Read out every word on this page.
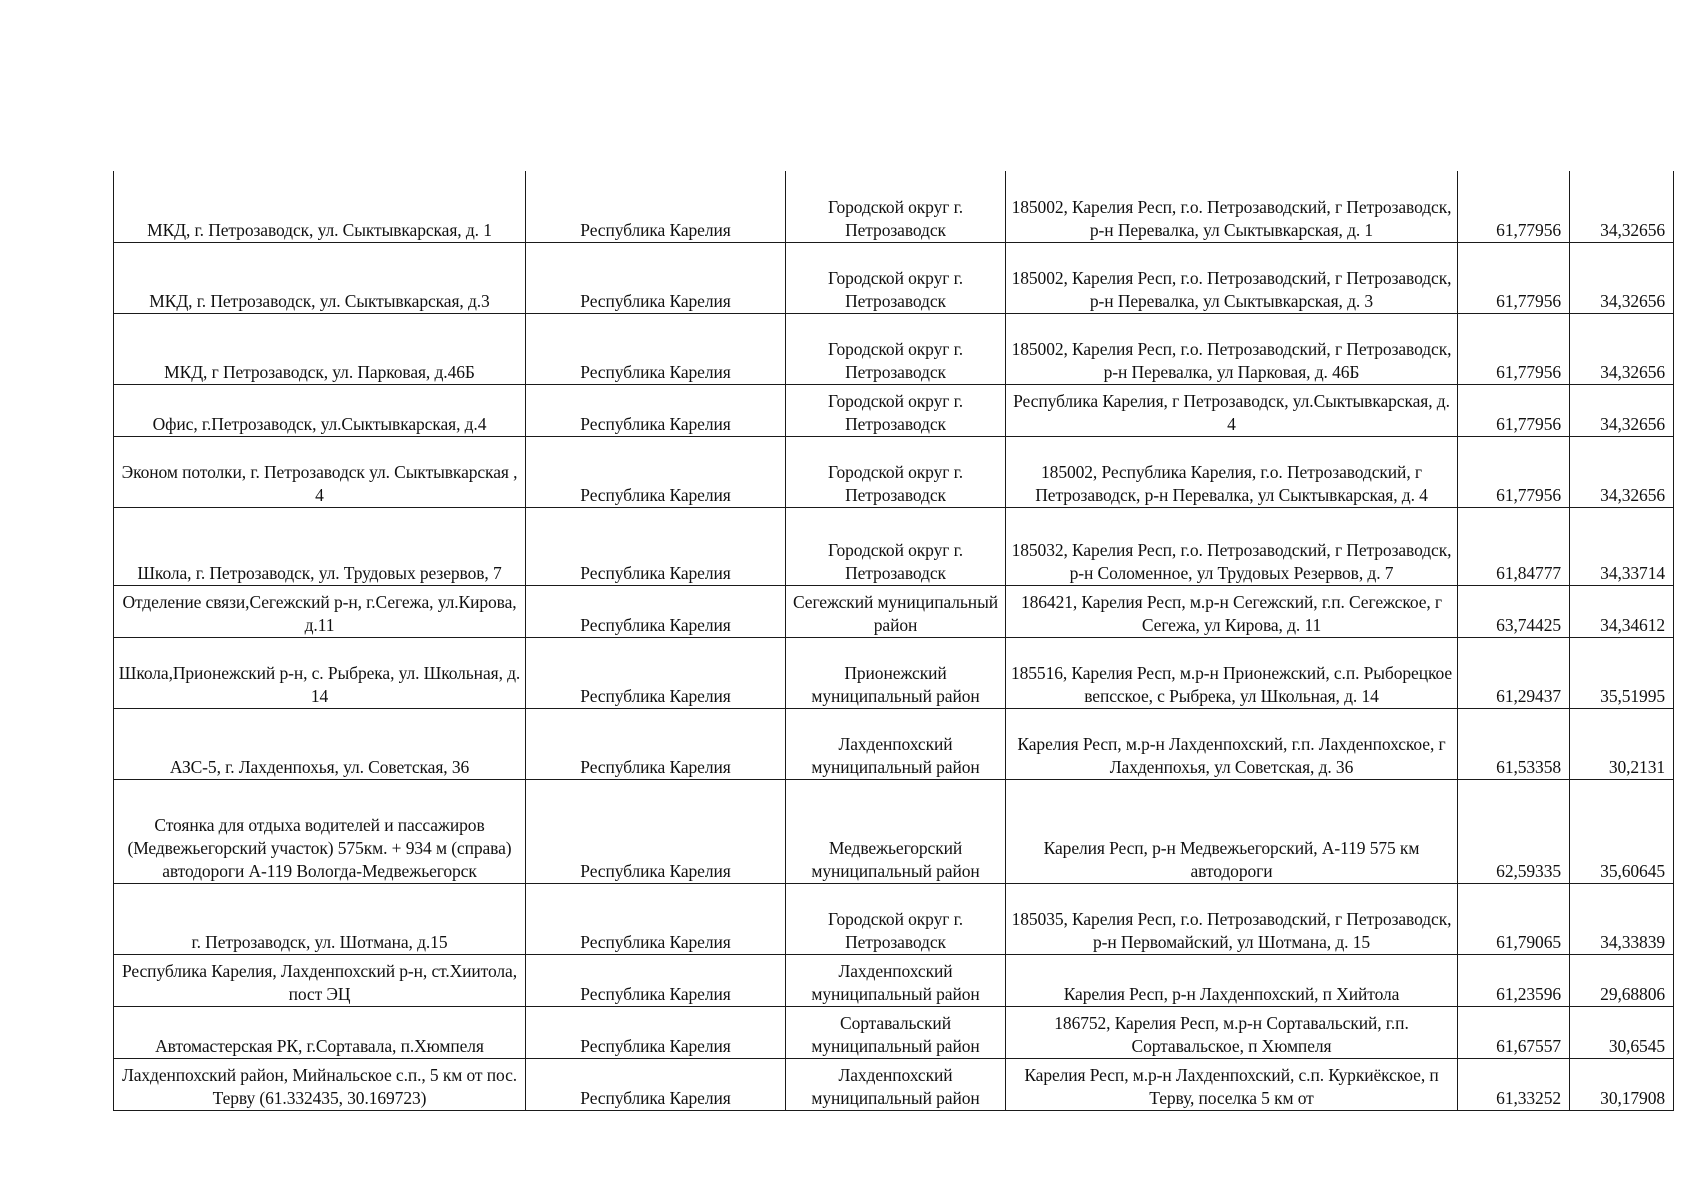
МКД, г. Петрозаводск, ул. Сыктывкарская, д. 1	Республика Карелия	Городской округ г. Петрозаводск	185002, Карелия Респ, г.о. Петрозаводский, г Петрозаводск, р-н Перевалка, ул Сыктывкарская, д. 1	61,77956	34,32656
МКД, г. Петрозаводск, ул. Сыктывкарская, д.3	Республика Карелия	Городской округ г. Петрозаводск	185002, Карелия Респ, г.о. Петрозаводский, г Петрозаводск, р-н Перевалка, ул Сыктывкарская, д. 3	61,77956	34,32656
МКД, г Петрозаводск, ул. Парковая, д.46Б	Республика Карелия	Городской округ г. Петрозаводск	185002, Карелия Респ, г.о. Петрозаводский, г Петрозаводск, р-н Перевалка, ул Парковая, д. 46Б	61,77956	34,32656
Офис, г.Петрозаводск, ул.Сыктывкарская, д.4	Республика Карелия	Городской округ г. Петрозаводск	Республика Карелия, г Петрозаводск, ул.Сыктывкарская, д. 4	61,77956	34,32656
Эконом потолки, г. Петрозаводск ул. Сыктывкарская , 4	Республика Карелия	Городской округ г. Петрозаводск	185002, Республика Карелия, г.о. Петрозаводский, г Петрозаводск, р-н Перевалка, ул Сыктывкарская, д. 4	61,77956	34,32656
Школа, г. Петрозаводск, ул. Трудовых резервов, 7	Республика Карелия	Городской округ г. Петрозаводск	185032, Карелия Респ, г.о. Петрозаводский, г Петрозаводск, р-н Соломенное, ул Трудовых Резервов, д. 7	61,84777	34,33714
Отделение связи,Сегежский р-н, г.Сегежа, ул.Кирова, д.11	Республика Карелия	Сегежский муниципальный район	186421, Карелия Респ, м.р-н Сегежский, г.п. Сегежское, г Сегежа, ул Кирова, д. 11	63,74425	34,34612
Школа,Прионежский р-н, с. Рыбрека, ул. Школьная, д. 14	Республика Карелия	Прионежский муниципальный район	185516, Карелия Респ, м.р-н Прионежский, с.п. Рыборецкое вепсское, с Рыбрека, ул Школьная, д. 14	61,29437	35,51995
АЗС-5, г. Лахденпохья, ул. Советская, 36	Республика Карелия	Лахденпохский муниципальный район	Карелия Респ, м.р-н Лахденпохский, г.п. Лахденпохское, г Лахденпохья, ул Советская, д. 36	61,53358	30,2131
Стоянка для отдыха водителей и пассажиров (Медвежьегорский участок) 575км. + 934 м (справа) автодороги А-119 Вологда-Медвежьегорск	Республика Карелия	Медвежьегорский муниципальный район	Карелия Респ, р-н Медвежьегорский, А-119 575 км автодороги	62,59335	35,60645
г. Петрозаводск, ул. Шотмана, д.15	Республика Карелия	Городской округ г. Петрозаводск	185035, Карелия Респ, г.о. Петрозаводский, г Петрозаводск, р-н Первомайский, ул Шотмана, д. 15	61,79065	34,33839
Республика Карелия, Лахденпохский р-н, ст.Хиитола, пост ЭЦ	Республика Карелия	Лахденпохский муниципальный район	Карелия Респ, р-н Лахденпохский, п Хийтола	61,23596	29,68806
Автомастерская РК, г.Сортавала, п.Хюмпеля	Республика Карелия	Сортавальский муниципальный район	186752, Карелия Респ, м.р-н Сортавальский, г.п. Сортавальское, п Хюмпеля	61,67557	30,6545
Лахденпохский район, Мийнальское с.п., 5 км от пос. Терву (61.332435, 30.169723)	Республика Карелия	Лахденпохский муниципальный район	Карелия Респ, м.р-н Лахденпохский, с.п. Куркиёкское, п Терву, поселка 5 км от	61,33252	30,17908
